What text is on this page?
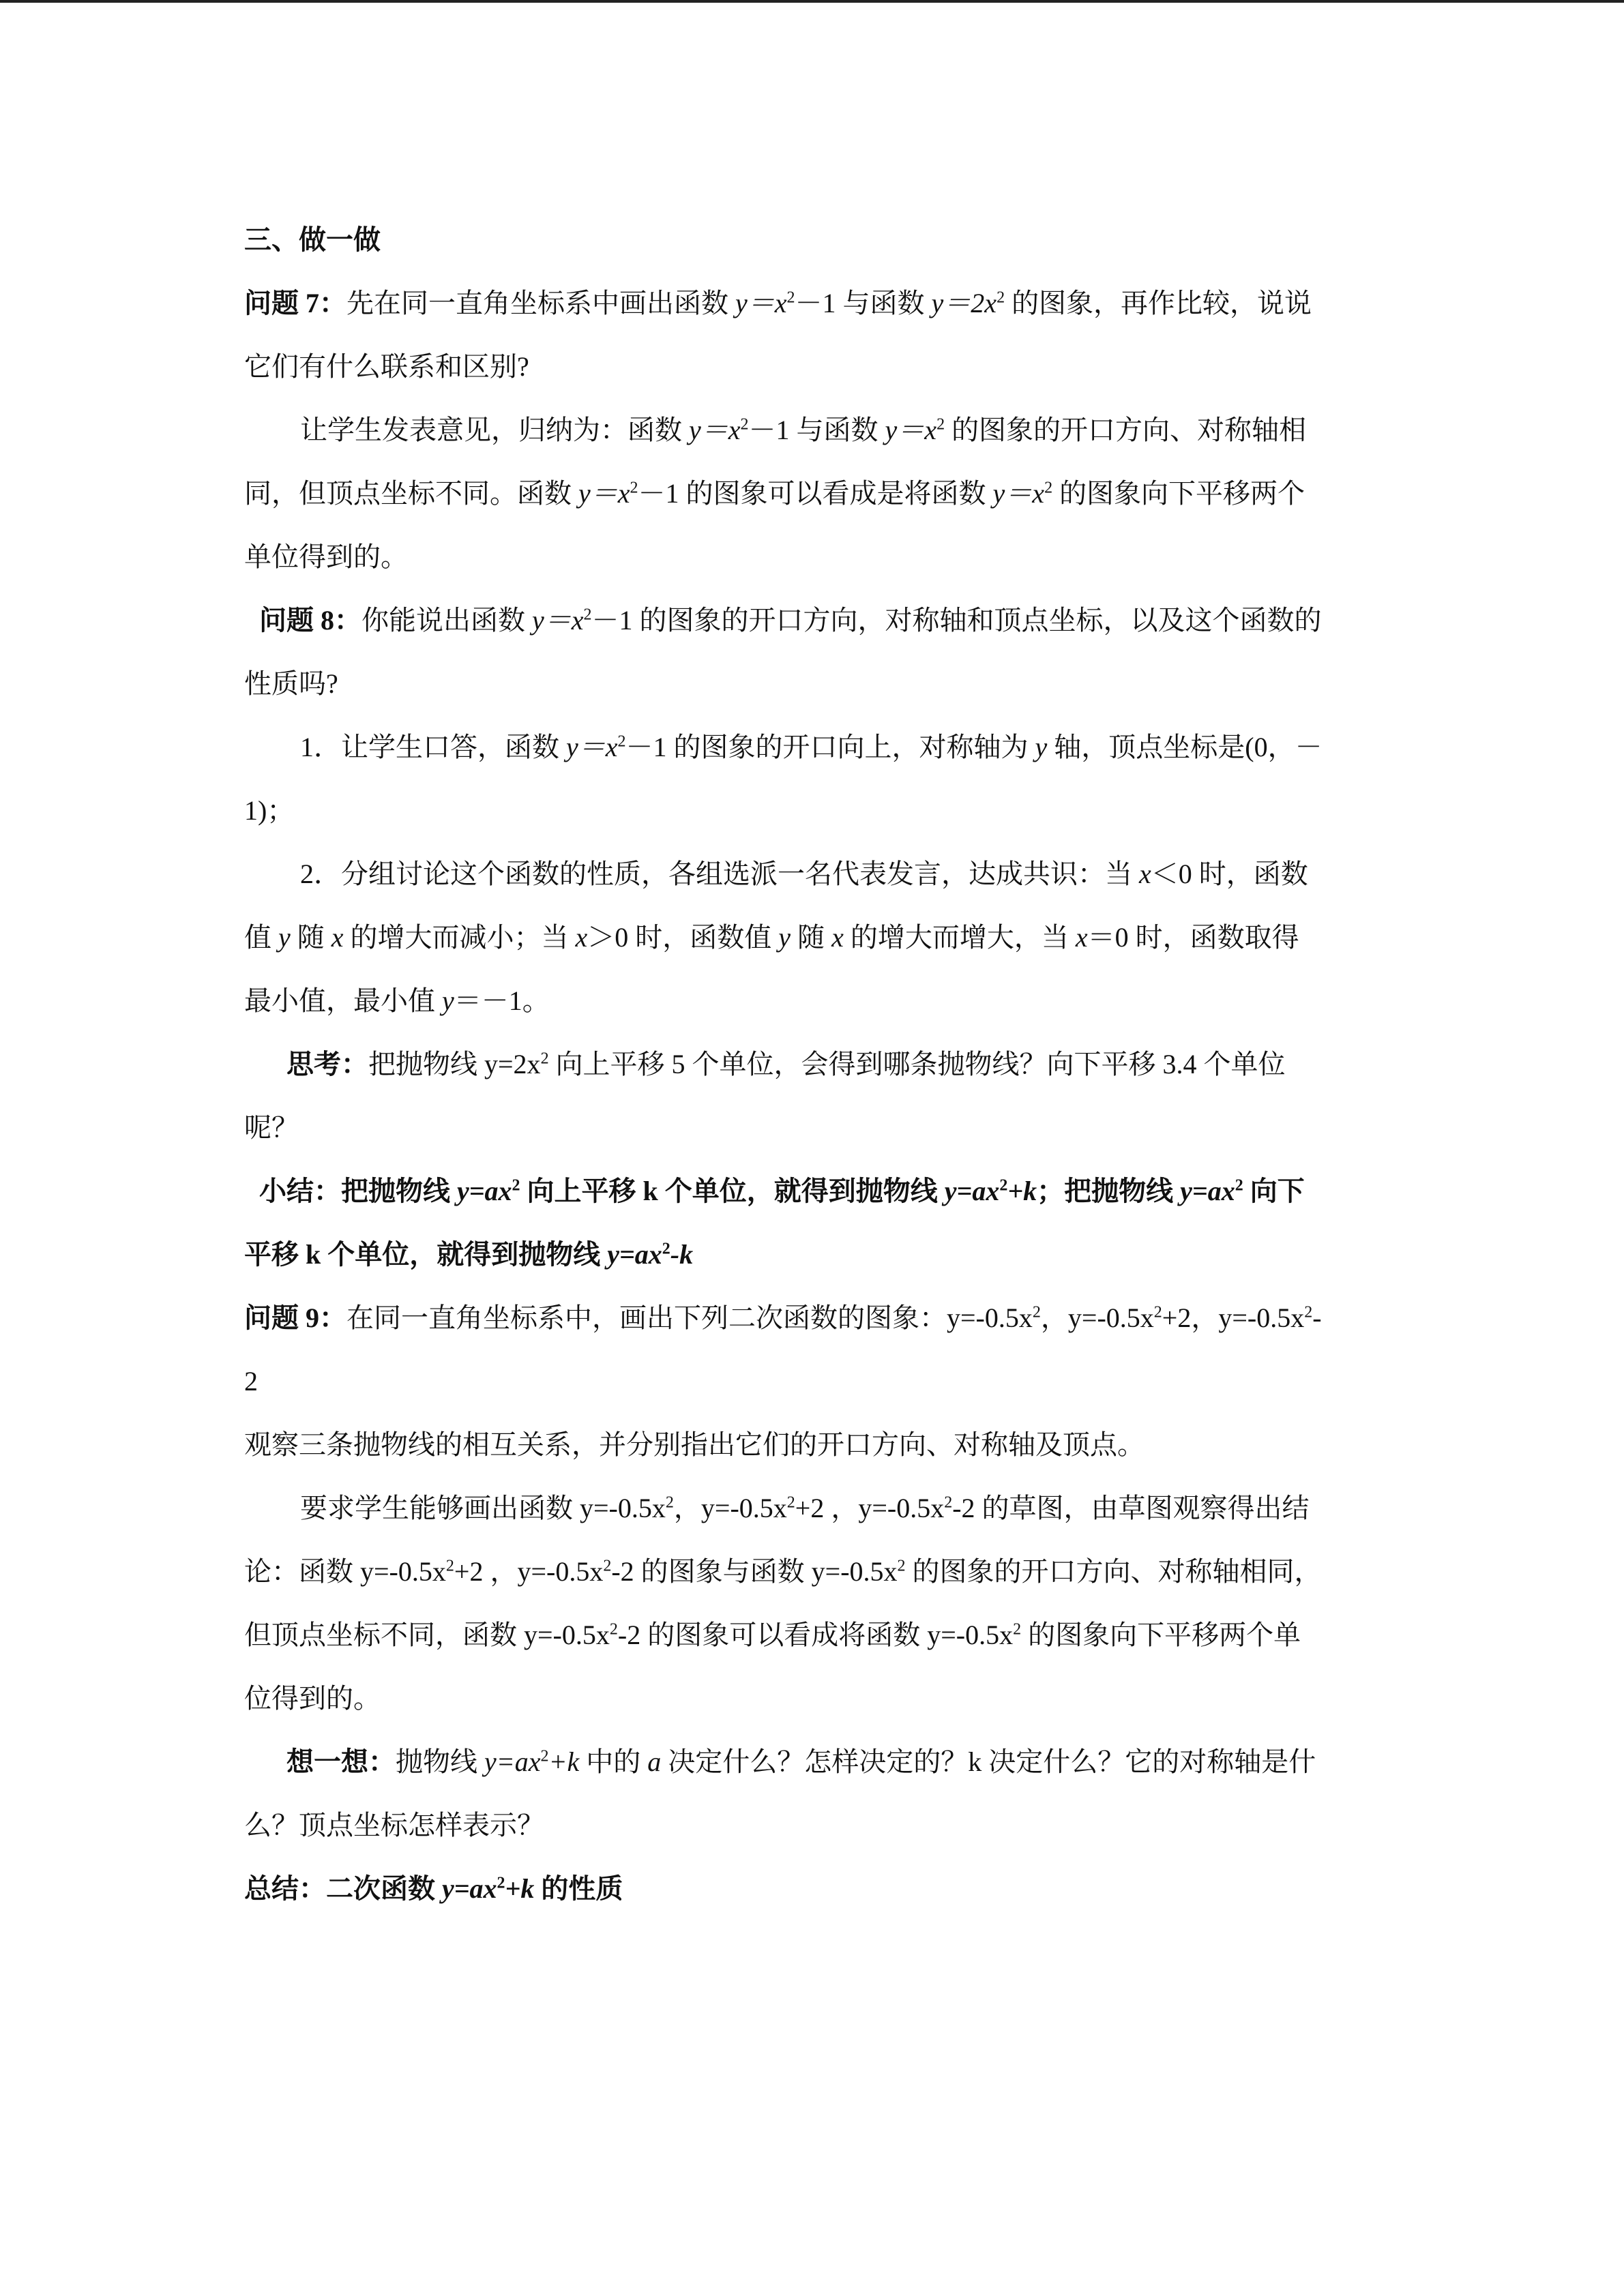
三、做一做
问题 7：先在同一直角坐标系中画出函数 $y=x^2-1$ 与函数 $y=2x^2$ 的图象，再作比较，说说
它们有什么联系和区别?
让学生发表意见，归纳为：函数 $y=x^2-1$ 与函数 $y=x^2$ 的图象的开口方向、对称轴相
同，但顶点坐标不同。函数 $y=x^2-1$ 的图象可以看成是将函数 $y=x^2$ 的图象向下平移两个
单位得到的。
问题 8：你能说出函数 $y=x^2-1$ 的图象的开口方向，对称轴和顶点坐标，以及这个函数的
性质吗?
1．让学生口答，函数 $y=x^2-1$ 的图象的开口向上，对称轴为 y 轴，顶点坐标是(0，－
1)；
2．分组讨论这个函数的性质，各组选派一名代表发言，达成共识：当 x＜0 时，函数
值 y 随 x 的增大而减小；当 x＞0 时，函数值 y 随 x 的增大而增大，当 x＝0 时，函数取得
最小值，最小值 y＝－1。
思考：把抛物线 $y=2x^2$ 向上平移 5 个单位，会得到哪条抛物线？向下平移 3.4 个单位
呢？
小结：把抛物线 $y=ax^2$ 向上平移 k 个单位，就得到抛物线 $y=ax^2+k$；把抛物线 $y=ax^2$ 向下
平移 k 个单位，就得到抛物线 $y=ax^2-k$
问题 9：在同一直角坐标系中，画出下列二次函数的图象：$y=-0.5x^2$，$y=-0.5x^2+2$，$y=-0.5x^2-$
2
观察三条抛物线的相互关系，并分别指出它们的开口方向、对称轴及顶点。
要求学生能够画出函数 $y=-0.5x^2$，$y=-0.5x^2+2$ ，$y=-0.5x^2-2$ 的草图，由草图观察得出结
论：函数 $y=-0.5x^2+2$ ，$y=-0.5x^2-2$ 的图象与函数 $y=-0.5x^2$ 的图象的开口方向、对称轴相同，
但顶点坐标不同，函数 $y=-0.5x^2-2$ 的图象可以看成将函数 $y=-0.5x^2$ 的图象向下平移两个单
位得到的。
想一想：抛物线 $y=ax^2+k$ 中的 a 决定什么？怎样决定的？k 决定什么？它的对称轴是什
么？顶点坐标怎样表示？
总结：二次函数 $y=ax^2+k$ 的性质
